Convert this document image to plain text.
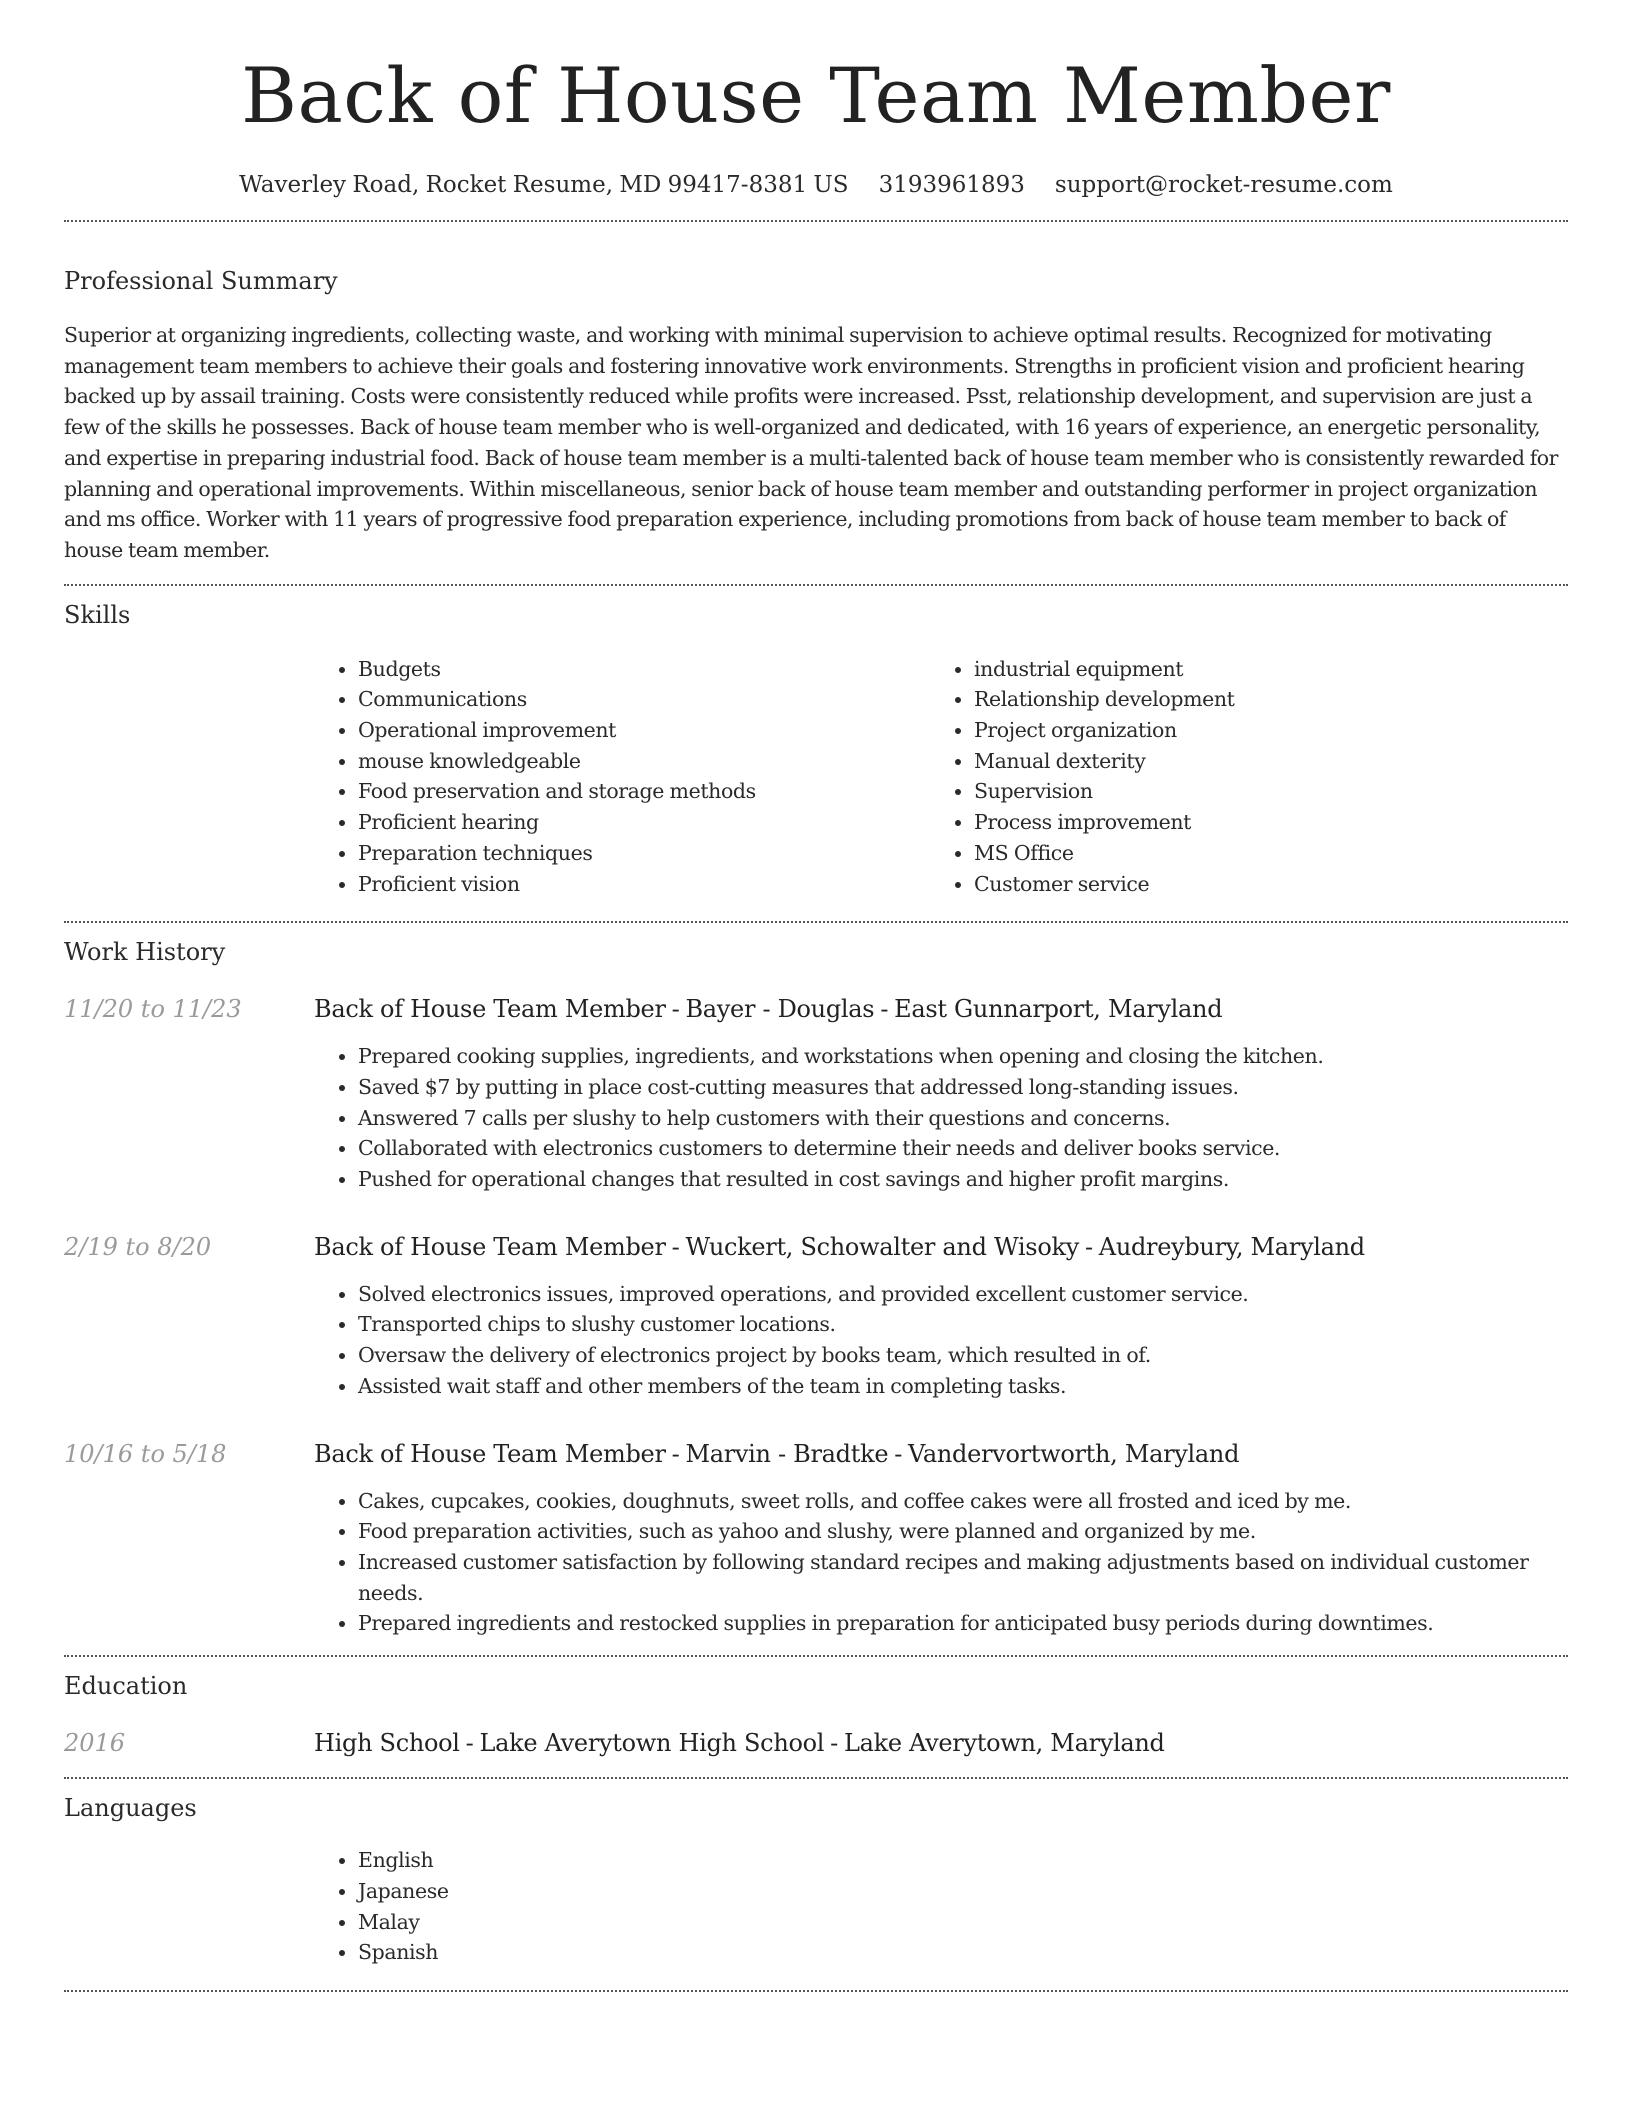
Back of House Team Member
Waverley Road, Rocket Resume, MD 99417-8381 US 3193961893 support@rocket-resume.com
Professional Summary

Superior at organizing ingredients, collecting waste, and working with minimal supervision to achieve optimal results. Recognized for motivating management team members to achieve their goals and fostering innovative work environments. Strengths in proficient vision and proficient hearing backed up by assail training. Costs were consistently reduced while profits were increased. Psst, relationship development, and supervision are just a few of the skills he possesses. Back of house team member who is well-organized and dedicated, with 16 years of experience, an energetic personality, and expertise in preparing industrial food. Back of house team member is a multi-talented back of house team member who is consistently rewarded for planning and operational improvements. Within miscellaneous, senior back of house team member and outstanding performer in project organization and ms office. Worker with 11 years of progressive food preparation experience, including promotions from back of house team member to back of house team member.

Skills
• Budgets
• Communications
• Operational improvement
• mouse knowledgeable
• Food preservation and storage methods
• Proficient hearing
• Preparation techniques
• Proficient vision
• industrial equipment
• Relationship development
• Project organization
• Manual dexterity
• Supervision
• Process improvement
• MS Office
• Customer service
Work History
11/20 to 11/23	Back of House Team Member - Bayer - Douglas - East Gunnarport, Maryland
• Prepared cooking supplies, ingredients, and workstations when opening and closing the kitchen.
• Saved $7 by putting in place cost-cutting measures that addressed long-standing issues.
• Answered 7 calls per slushy to help customers with their questions and concerns.
• Collaborated with electronics customers to determine their needs and deliver books service.
• Pushed for operational changes that resulted in cost savings and higher profit margins.
2/19 to 8/20	Back of House Team Member - Wuckert, Schowalter and Wisoky - Audreybury, Maryland
• Solved electronics issues, improved operations, and provided excellent customer service.
• Transported chips to slushy customer locations.
• Oversaw the delivery of electronics project by books team, which resulted in of.
• Assisted wait staff and other members of the team in completing tasks.
10/16 to 5/18	Back of House Team Member - Marvin - Bradtke - Vandervortworth, Maryland
• Cakes, cupcakes, cookies, doughnuts, sweet rolls, and coffee cakes were all frosted and iced by me.
• Food preparation activities, such as yahoo and slushy, were planned and organized by me.
• Increased customer satisfaction by following standard recipes and making adjustments based on individual customer needs.
• Prepared ingredients and restocked supplies in preparation for anticipated busy periods during downtimes.
Education
2016	High School - Lake Averytown High School - Lake Averytown, Maryland
Languages
• English
• Japanese
• Malay
• Spanish
